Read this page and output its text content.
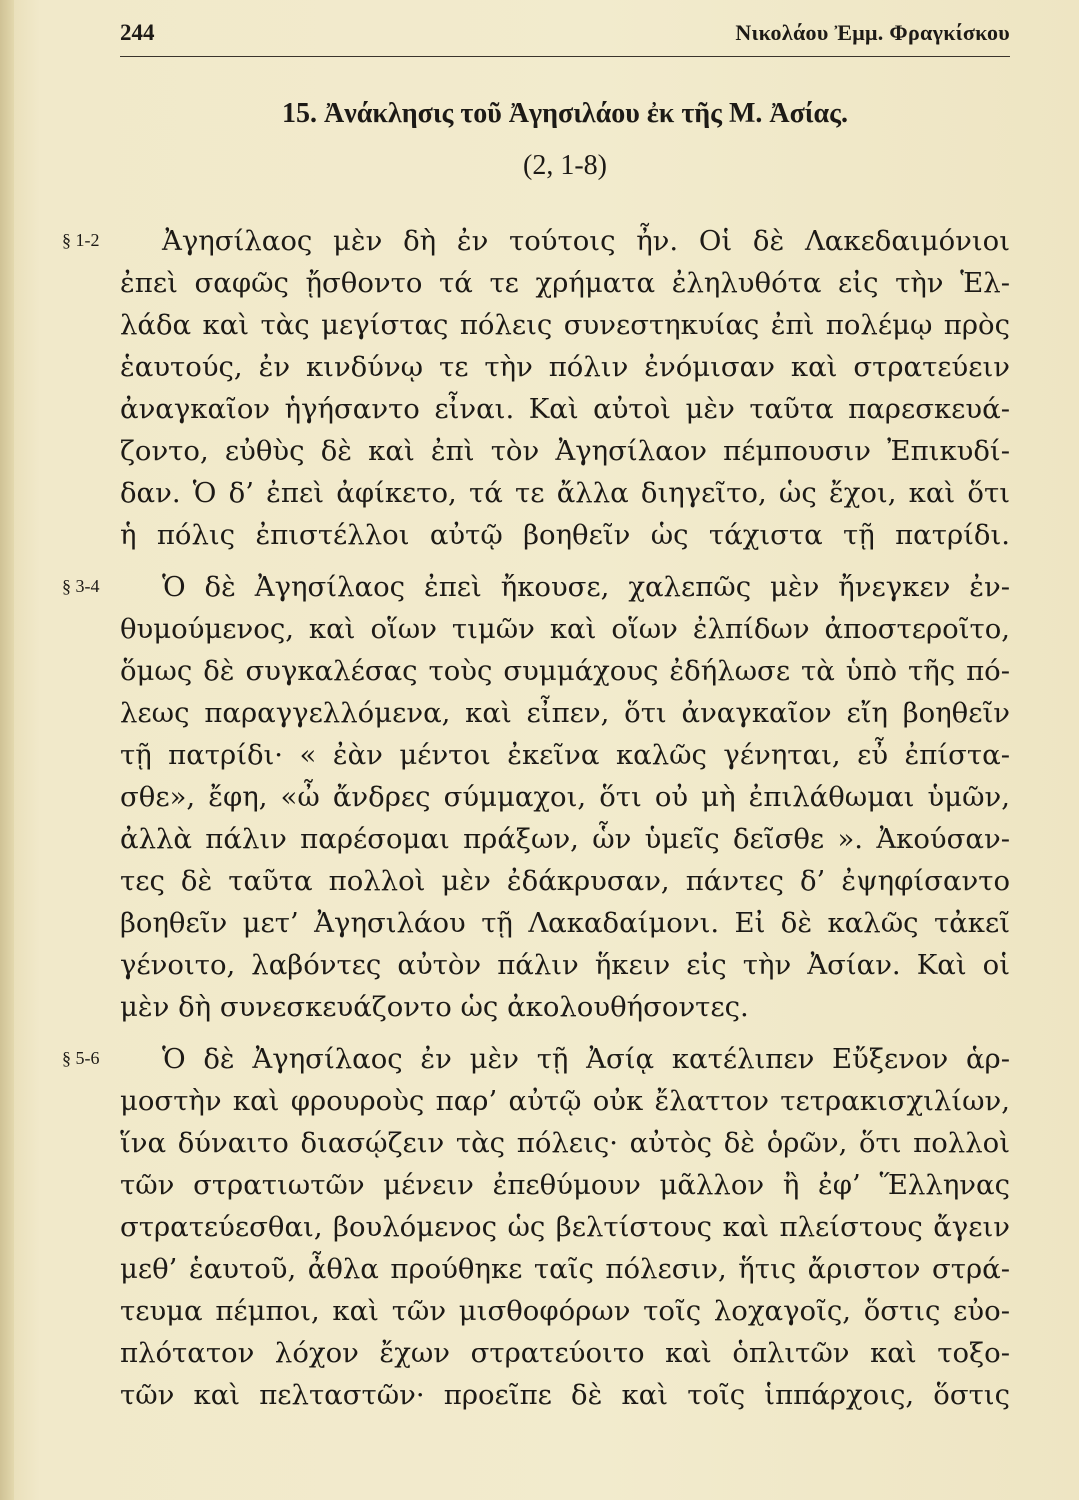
244	Νικολάου Ἐμμ. Φραγκίσκου
15. Ἀνάκλησις τοῦ Ἀγησιλάου ἐκ τῆς Μ. Ἀσίας.
(2, 1-8)
§ 1-2	Ἀγησίλαος μὲν δὴ ἐν τούτοις ἦν. Οἱ δὲ Λακεδαιμόνιοι
ἐπεὶ σαφῶς ᾔσθοντο τά τε χρήματα ἐληλυθότα εἰς τὴν Ἑλ-
λάδα καὶ τὰς μεγίστας πόλεις συνεστηκυίας ἐπὶ πολέμῳ πρὸς
ἑαυτούς, ἐν κινδύνῳ τε τὴν πόλιν ἐνόμισαν καὶ στρατεύειν
ἀναγκαῖον ἡγήσαντο εἶναι. Καὶ αὐτοὶ μὲν ταῦτα παρεσκευά-
ζοντο, εὐθὺς δὲ καὶ ἐπὶ τὸν Ἀγησίλαον πέμπουσιν Ἐπικυδί-
δαν. Ὁ δ’ ἐπεὶ ἀφίκετο, τά τε ἄλλα διηγεῖτο, ὡς ἔχοι, καὶ ὅτι
ἡ πόλις ἐπιστέλλοι αὐτῷ βοηθεῖν ὡς τάχιστα τῇ πατρίδι.
§ 3-4	Ὁ δὲ Ἀγησίλαος ἐπεὶ ἤκουσε, χαλεπῶς μὲν ἤνεγκεν ἐν-
θυμούμενος, καὶ οἵων τιμῶν καὶ οἵων ἐλπίδων ἀποστεροῖτο,
ὅμως δὲ συγκαλέσας τοὺς συμμάχους ἐδήλωσε τὰ ὑπὸ τῆς πό-
λεως παραγγελλόμενα, καὶ εἶπεν, ὅτι ἀναγκαῖον εἴη βοηθεῖν
τῇ πατρίδι· « ἐὰν μέντοι ἐκεῖνα καλῶς γένηται, εὖ ἐπίστα-
σθε», ἔφη, «ὦ ἄνδρες σύμμαχοι, ὅτι οὐ μὴ ἐπιλάθωμαι ὑμῶν,
ἀλλὰ πάλιν παρέσομαι πράξων, ὧν ὑμεῖς δεῖσθε ». Ἀκούσαν-
τες δὲ ταῦτα πολλοὶ μὲν ἐδάκρυσαν, πάντες δ’ ἐψηφίσαντο
βοηθεῖν μετ’ Ἀγησιλάου τῇ Λακαδαίμονι. Εἰ δὲ καλῶς τἀκεῖ
γένοιτο, λαβόντες αὐτὸν πάλιν ἥκειν εἰς τὴν Ἀσίαν. Καὶ οἱ
μὲν δὴ συνεσκευάζοντο ὡς ἀκολουθήσοντες.
§ 5-6	Ὁ δὲ Ἀγησίλαος ἐν μὲν τῇ Ἀσίᾳ κατέλιπεν Εὔξενον ἁρ-
μοστὴν καὶ φρουροὺς παρ’ αὐτῷ οὐκ ἔλαττον τετρακισχιλίων,
ἵνα δύναιτο διασῴζειν τὰς πόλεις· αὐτὸς δὲ ὁρῶν, ὅτι πολλοὶ
τῶν στρατιωτῶν μένειν ἐπεθύμουν μᾶλλον ἢ ἐφ’ Ἕλληνας
στρατεύεσθαι, βουλόμενος ὡς βελτίστους καὶ πλείστους ἄγειν
μεθ’ ἑαυτοῦ, ἆθλα προύθηκε ταῖς πόλεσιν, ἥτις ἄριστον στρά-
τευμα πέμποι, καὶ τῶν μισθοφόρων τοῖς λοχαγοῖς, ὅστις εὐο-
πλότατον λόχον ἔχων στρατεύοιτο καὶ ὁπλιτῶν καὶ τοξο-
τῶν καὶ πελταστῶν· προεῖπε δὲ καὶ τοῖς ἱππάρχοις, ὅστις
